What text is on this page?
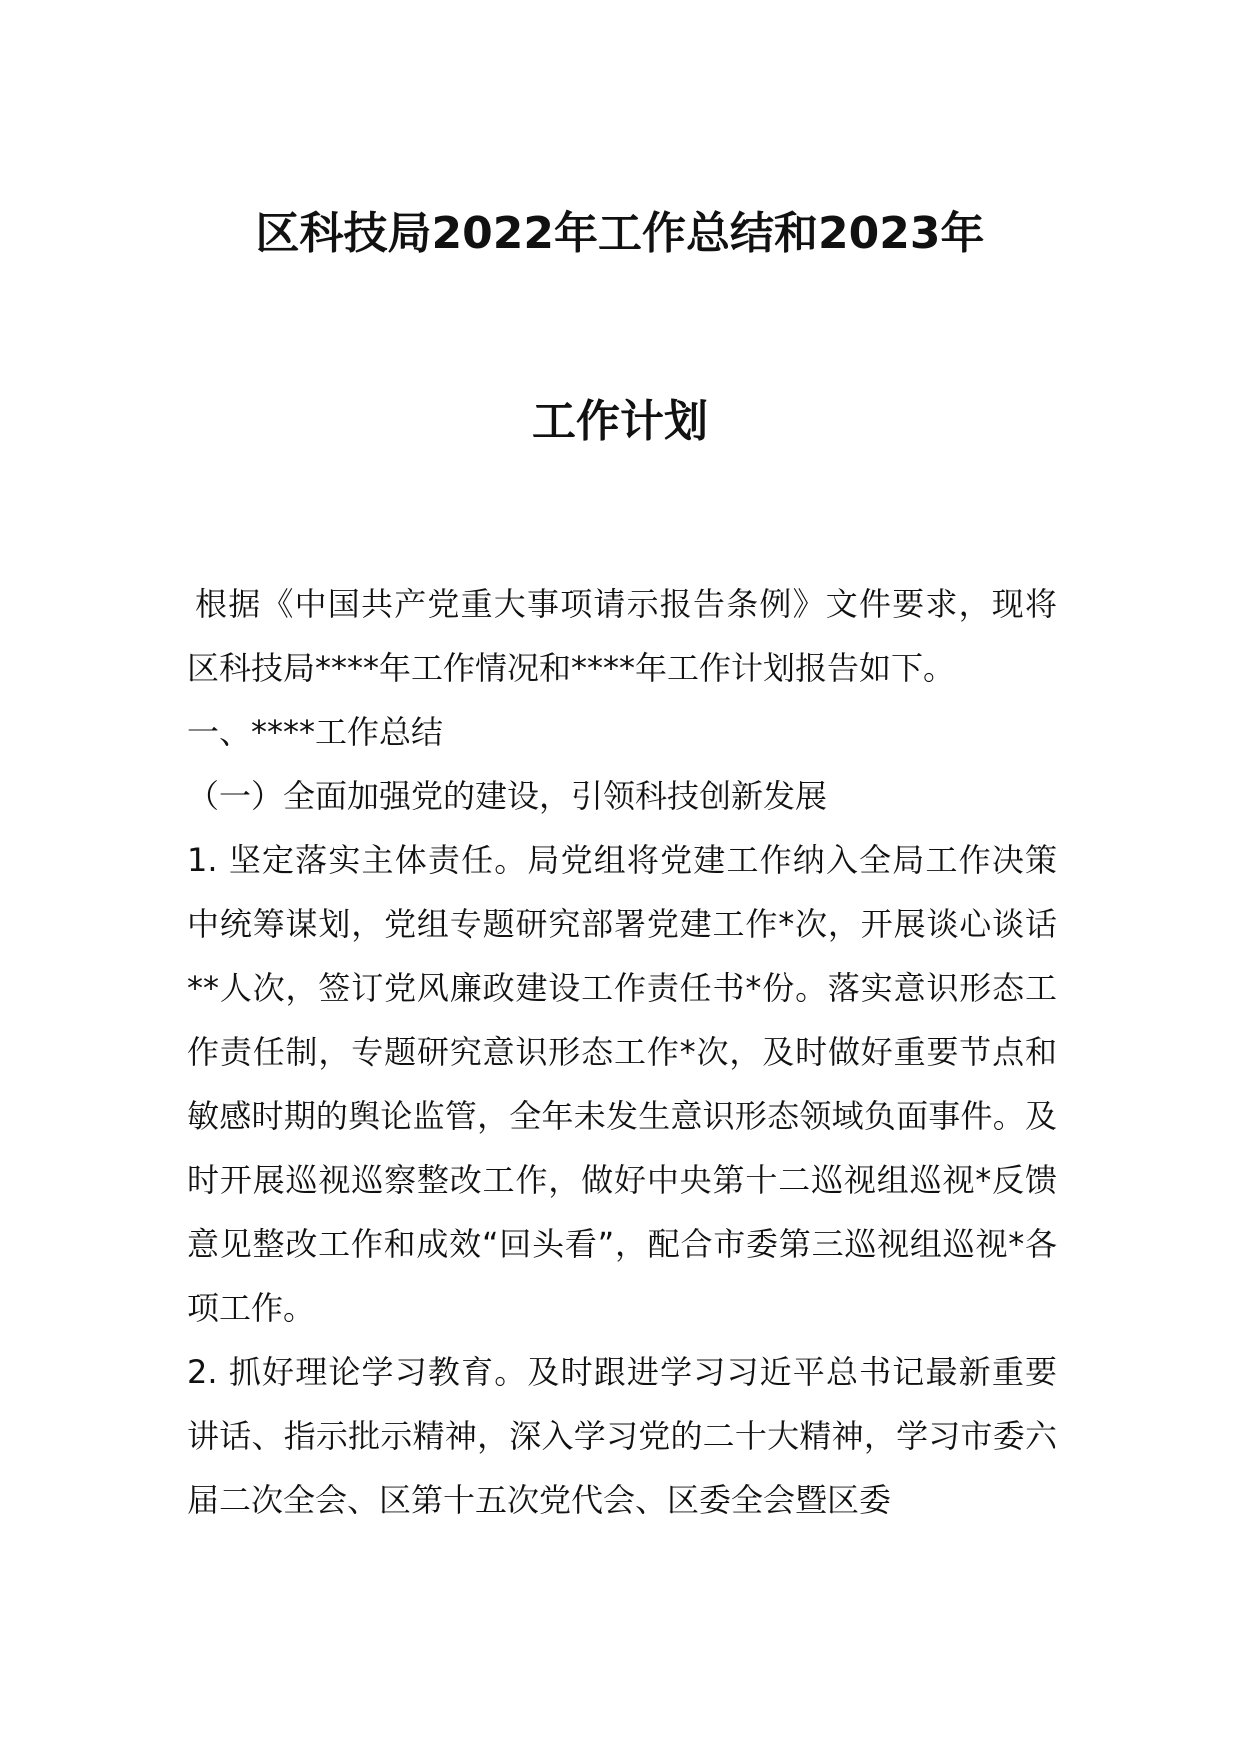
区科技局2022年工作总结和2023年
工作计划

根据《中国共产党重大事项请示报告条例》文件要求，现将区科技局****年工作情况和****年工作计划报告如下。

一、****工作总结

（一）全面加强党的建设，引领科技创新发展

1. 坚定落实主体责任。局党组将党建工作纳入全局工作决策中统筹谋划，党组专题研究部署党建工作*次，开展谈心谈话**人次，签订党风廉政建设工作责任书*份。落实意识形态工作责任制，专题研究意识形态工作*次，及时做好重要节点和敏感时期的舆论监管，全年未发生意识形态领域负面事件。及时开展巡视巡察整改工作，做好中央第十二巡视组巡视*反馈意见整改工作和成效“回头看”，配合市委第三巡视组巡视*各项工作。

2. 抓好理论学习教育。及时跟进学习习近平总书记最新重要讲话、指示批示精神，深入学习党的二十大精神，学习市委六届二次全会、区第十五次党代会、区委全会暨区委
